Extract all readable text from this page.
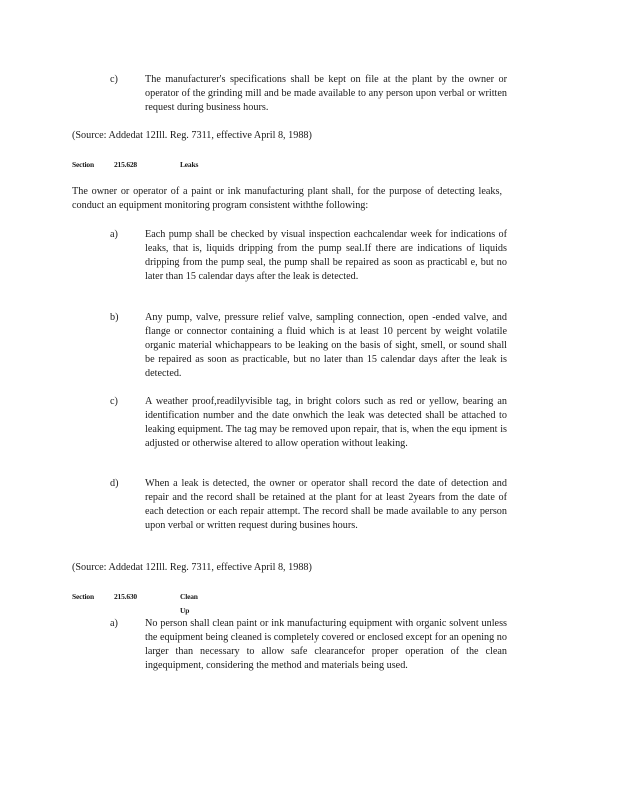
c)	The manufacturer's specifications shall be kept on file at the plant by the owner or operator of the grinding mill and be made available to any person upon verbal or written request during business hours.
(Source: Addedat 12Ill. Reg. 7311, effective April 8, 1988)
Section	215.628	Leaks
The owner or operator of a paint or ink manufacturing plant shall, for the purpose of detecting leaks, conduct an equipment monitoring program consistent withthe following:
a)	Each pump shall be checked by visual inspection eachcalendar week for indications of leaks, that is, liquids dripping from the pump seal.If there are indications of liquids dripping from the pump seal, the pump shall be repaired as soon as practicabl e, but no later than 15 calendar days after the leak is detected.
b)	Any pump, valve, pressure relief valve, sampling connection, open -ended valve, and flange or connector containing a fluid which is at least 10 percent by weight volatile organic material whichappears to be leaking on the basis of sight, smell, or sound shall be repaired as soon as practicable, but no later than 15 calendar days after the leak is detected.
c)	A weather proof,readilyvisible tag, in bright colors such as red or yellow, bearing an identification number and the date onwhich the leak was detected shall be attached to leaking equipment. The tag may be removed upon repair, that is, when the equ ipment is adjusted or otherwise altered to allow operation without leaking.
d)	When a leak is detected, the owner or operator shall record the date of detection and repair and the record shall be retained at the plant for at least 2years from the date of each detection or each repair attempt. The record shall be made available to any person upon verbal or written request during busines hours.
(Source: Addedat 12Ill. Reg. 7311, effective April 8, 1988)
Section	215.630	Clean Up
a)	No person shall clean paint or ink manufacturing equipment with organic solvent unless the equipment being cleaned is completely covered or enclosed except for an opening no larger than necessary to allow safe clearancefor proper operation of the clean ingequipment, considering the method and materials being used.
